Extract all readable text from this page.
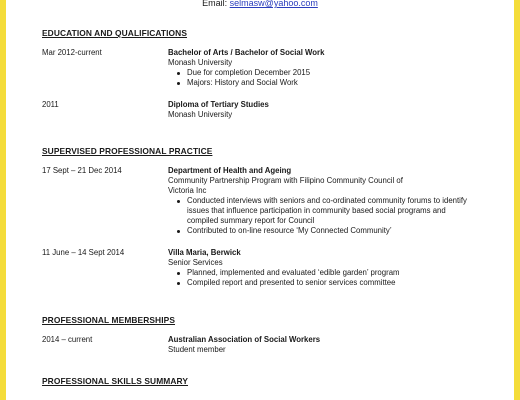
Email: selmasw@yahoo.com
EDUCATION AND QUALIFICATIONS
Mar 2012-current	Bachelor of Arts / Bachelor of Social Work
Monash University
Due for completion December 2015
Majors: History and Social Work
2011	Diploma of Tertiary Studies
Monash University
SUPERVISED PROFESSIONAL PRACTICE
17 Sept – 21 Dec 2014	Department of Health and Ageing
Community Partnership Program with Filipino Community Council of
Victoria Inc
Conducted interviews with seniors and co-ordinated community forums to identify issues that influence participation in community based social programs and compiled summary report for Council
Contributed to on-line resource ‘My Connected Community’
11 June – 14 Sept 2014	Villa Maria, Berwick
Senior Services
Planned, implemented and evaluated ‘edible garden’ program
Compiled report and presented to senior services committee
PROFESSIONAL MEMBERSHIPS
2014 – current	Australian Association of Social Workers
Student member
PROFESSIONAL SKILLS SUMMARY
